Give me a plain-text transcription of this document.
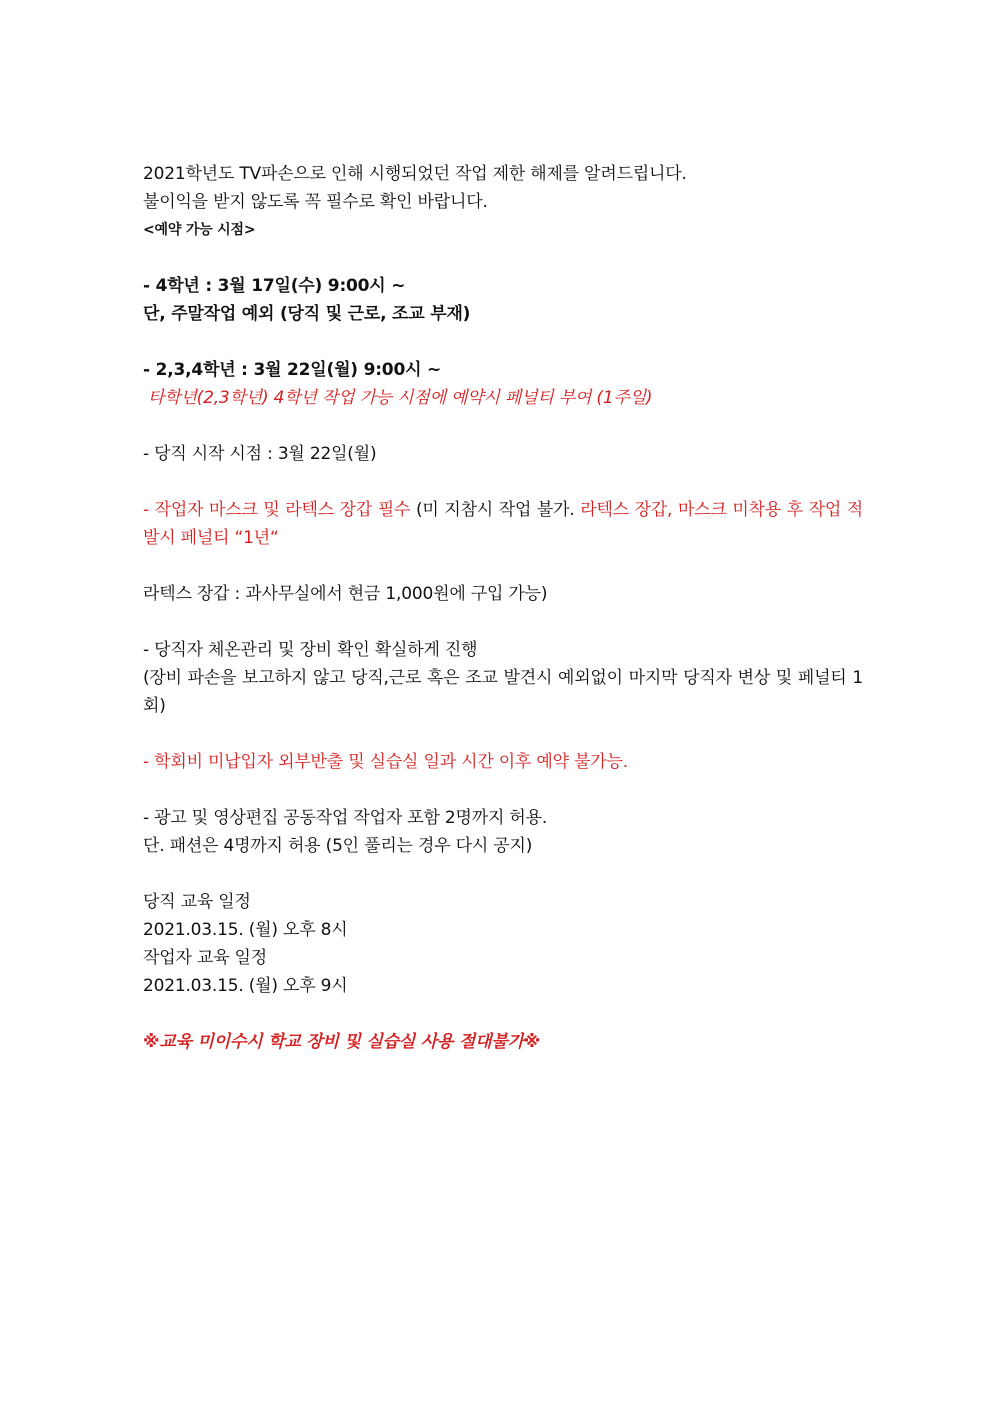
2021학년도 TV파손으로 인해 시행되었던 작업 제한 해제를 알려드립니다.
불이익을 받지 않도록 꼭 필수로 확인 바랍니다.
<예약 가능 시점>
- 4학년 : 3월 17일(수) 9:00시 ~
단, 주말작업 예외 (당직 및 근로, 조교 부재)
- 2,3,4학년 : 3월 22일(월) 9:00시 ~
타학년(2,3학년) 4학년 작업 가능 시점에 예약시 페널티 부여 (1주일)
- 당직 시작 시점 : 3월 22일(월)
- 작업자 마스크 및 라텍스 장갑 필수 (미 지참시 작업 불가. 라텍스 장갑, 마스크 미착용 후 작업 적발시 페널티 “1년“
라텍스 장갑 : 과사무실에서 현금 1,000원에 구입 가능)
- 당직자 체온관리 및 장비 확인 확실하게 진행
(장비 파손을 보고하지 않고 당직,근로 혹은 조교 발견시 예외없이 마지막 당직자 변상 및 페널티 1회)
- 학회비 미납입자 외부반출 및 실습실 일과 시간 이후 예약 불가능.
- 광고 및 영상편집 공동작업 작업자 포함 2명까지 허용.
단. 패션은 4명까지 허용 (5인 풀리는 경우 다시 공지)
당직 교육 일정
2021.03.15. (월) 오후 8시
작업자 교육 일정
2021.03.15. (월) 오후 9시
※교육 미이수시 학교 장비 및 실습실 사용 절대불가※
